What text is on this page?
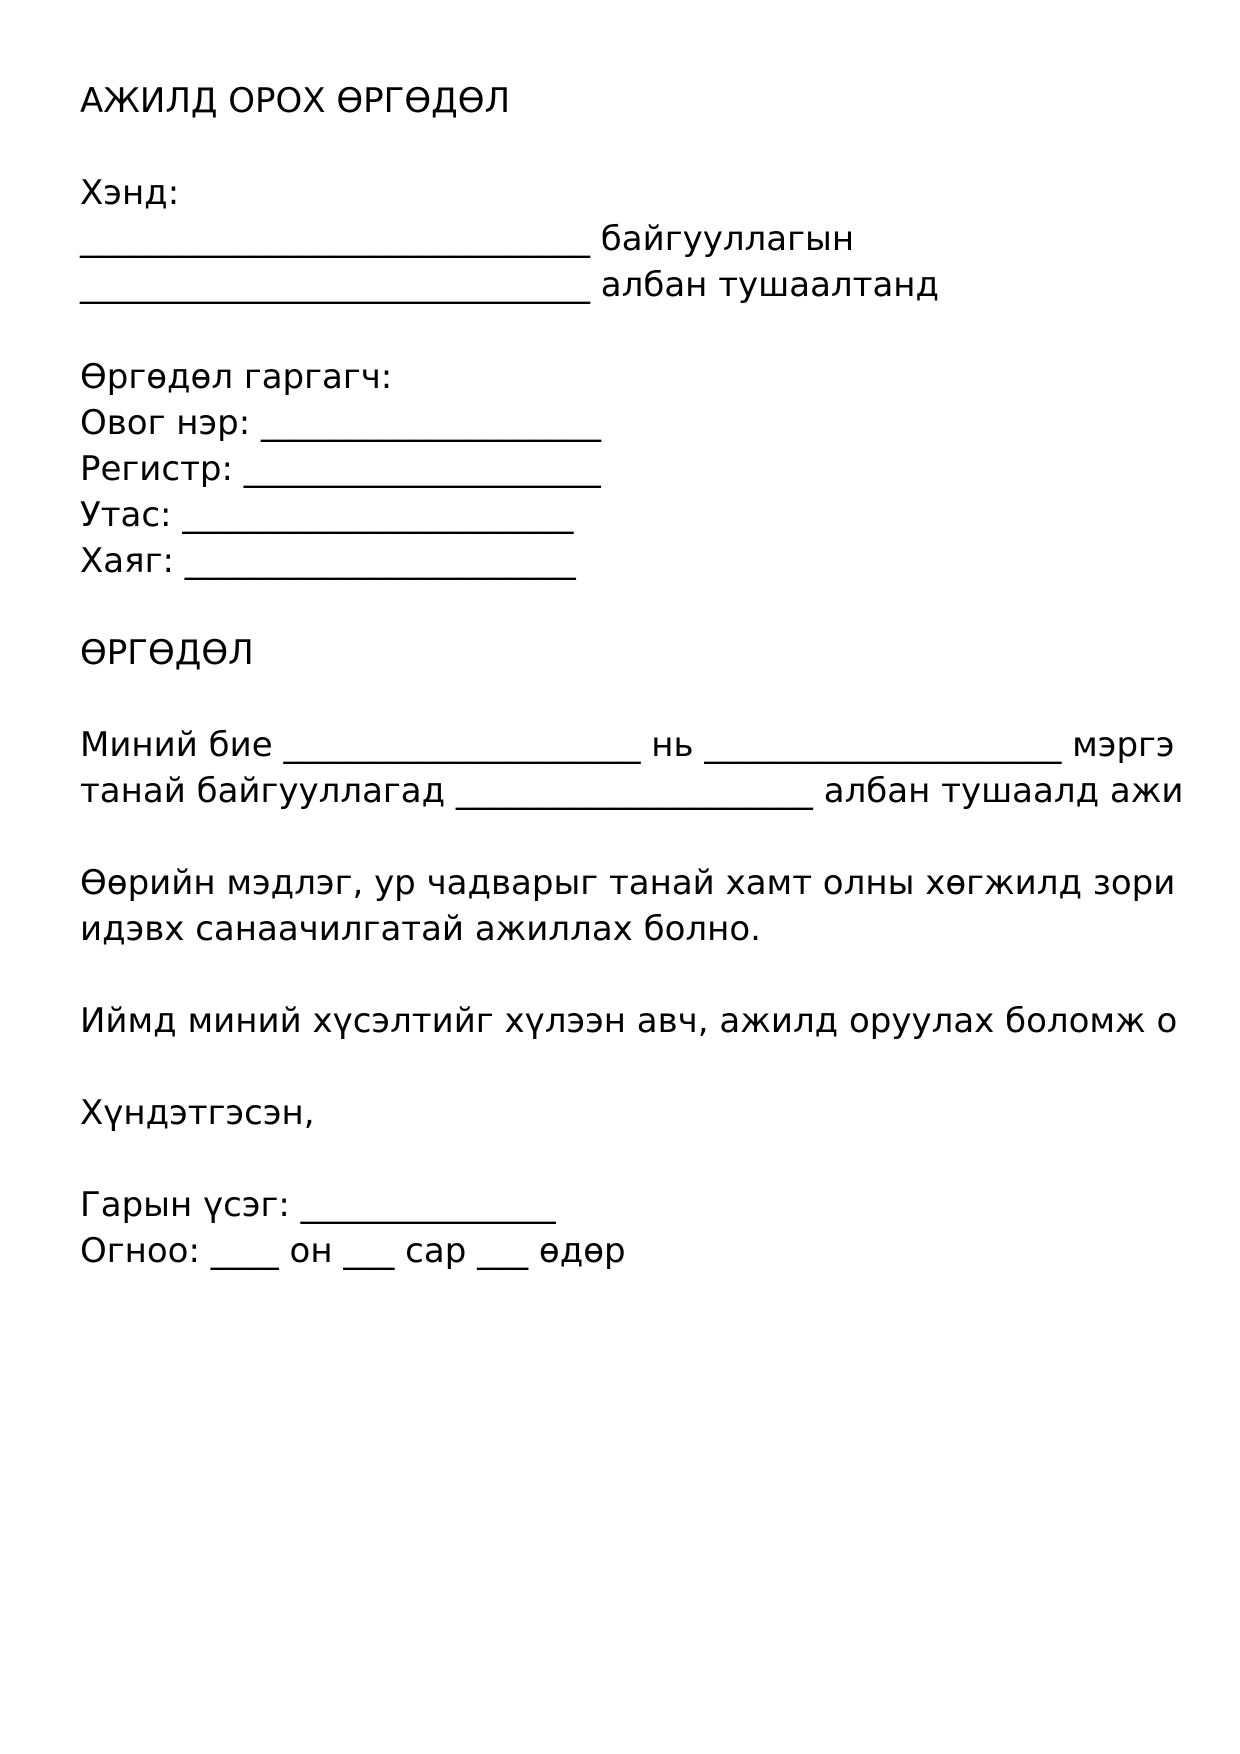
АЖИЛД ОРОХ ӨРГӨДӨЛ
Хэнд:
______________________________ байгууллагын
______________________________ албан тушаалтанд
Өргөдөл гаргагч:
Овог нэр: ____________________
Регистр: _____________________
Утас: _______________________
Хаяг: _______________________
ӨРГӨДӨЛ
Миний бие _____________________ нь _____________________ мэргэ
танай байгууллагад _____________________ албан тушаалд ажи
Өөрийн мэдлэг, ур чадварыг танай хамт олны хөгжилд зори
идэвх санаачилгатай ажиллах болно.
Иймд миний хүсэлтийг хүлээн авч, ажилд оруулах боломж о
Хүндэтгэсэн,
Гарын үсэг: _______________
Огноо: ____ он ___ сар ___ өдөр
